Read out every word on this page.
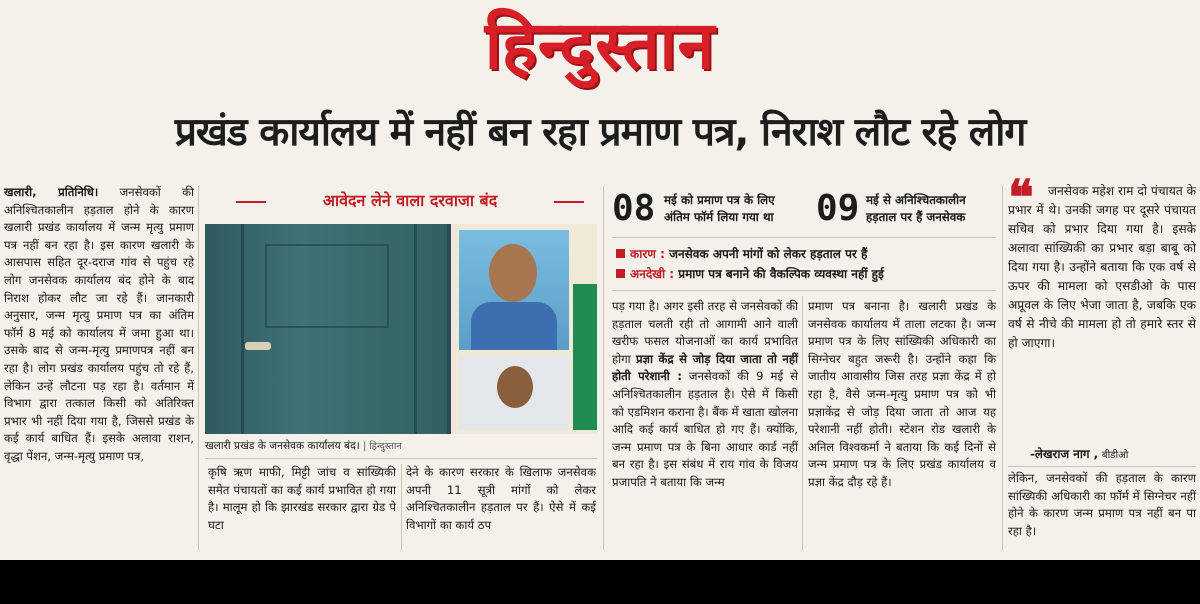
हिन्दुस्तान
प्रखंड कार्यालय में नहीं बन रहा प्रमाण पत्र, निराश लौट रहे लोग

खलारी, प्रतिनिधि। जनसेवकों की अनिश्चितकालीन हड़ताल होने के कारण खलारी प्रखंड कार्यालय में जन्म मृत्यु प्रमाण पत्र नहीं बन रहा है। इस कारण खलारी के आसपास सहित दूर-दराज गांव से पहुंच रहे लोग जनसेवक कार्यालय बंद होने के बाद निराश होकर लौट जा रहे हैं। जानकारी अनुसार, जन्म मृत्यु प्रमाण पत्र का अंतिम फॉर्म 8 मई को कार्यालय में जमा हुआ था। उसके बाद से जन्म-मृत्यु प्रमाणपत्र नहीं बन रहा है। लोग प्रखंड कार्यालय पहुंच तो रहे हैं, लेकिन उन्हें लौटना पड़ रहा है। वर्तमान में विभाग द्वारा तत्काल किसी को अतिरिक्त प्रभार भी नहीं दिया गया है, जिससे प्रखंड के कई कार्य बाधित हैं। इसके अलावा राशन, वृद्धा पेंशन, जन्म-मृत्यु प्रमाण पत्र,

आवेदन लेने वाला दरवाजा बंद
खलारी प्रखंड के जनसेवक कार्यालय बंद। | हिन्दुस्तान

कृषि ऋण माफी, मिट्टी जांच व सांख्यिकी समेत पंचायतों का कई कार्य प्रभावित हो गया है। मालूम हो कि झारखंड सरकार द्वारा ग्रेड पे घटा

देने के कारण सरकार के खिलाफ जनसेवक अपनी 11 सूत्री मांगों को लेकर अनिश्चितकालीन हड़ताल पर हैं। ऐसे में कई विभागों का कार्य ठप

08 मई को प्रमाण पत्र के लिए
अंतिम फॉर्म लिया गया था 09 मई से अनिश्चितकालीन
हड़ताल पर हैं जनसेवक
कारण : जनसेवक अपनी मांगों को लेकर हड़ताल पर हैं
अनदेखी : प्रमाण पत्र बनाने की वैकल्पिक व्यवस्था नहीं हुई

पड़ गया है। अगर इसी तरह से जनसेवकों की हड़ताल चलती रही तो आगामी आने वाली खरीफ फसल योजनाओं का कार्य प्रभावित होगा प्रज्ञा केंद्र से जोड़ दिया जाता तो नहीं होती परेशानी : जनसेवकों की 9 मई से अनिश्चितकालीन हड़ताल है। ऐसे में किसी को एडमिशन कराना है। बैंक में खाता खोलना आदि कई कार्य बाधित हो गए हैं। क्योंकि, जन्म प्रमाण पत्र के बिना आधार कार्ड नहीं बन रहा है। इस संबंध में राय गांव के विजय प्रजापति ने बताया कि जन्म

प्रमाण पत्र बनाना है। खलारी प्रखंड के जनसेवक कार्यालय में ताला लटका है। जन्म प्रमाण पत्र के लिए सांख्यिकी अधिकारी का सिग्नेचर बहुत जरूरी है। उन्होंने कहा कि जातीय आवासीय जिस तरह प्रज्ञा केंद्र में हो रहा है, वैसे जन्म-मृत्यु प्रमाण पत्र को भी प्रज्ञाकेंद्र से जोड़ दिया जाता तो आज यह परेशानी नहीं होती। स्टेशन रोड खलारी के अनिल विश्वकर्मा ने बताया कि कई दिनों से जन्म प्रमाण पत्र के लिए प्रखंड कार्यालय व प्रज्ञा केंद्र दौड़ रहे हैं।

❝	जनसेवक महेश राम दो पंचायत के प्रभार में थे। उनकी जगह पर दूसरे पंचायत सचिव को प्रभार दिया गया है। इसके अलावा सांख्यिकी का प्रभार बड़ा बाबू को दिया गया है। उन्होंने बताया कि एक वर्ष से ऊपर की मामला को एसडीओ के पास अप्रूवल के लिए भेजा जाता है, जबकि एक वर्ष से नीचे की मामला हो तो हमारे स्तर से हो जाएगा।

-लेखराज नाग , बीडीओ

लेकिन, जनसेवकों की हड़ताल के कारण सांख्यिकी अधिकारी का फॉर्म में सिग्नेचर नहीं होने के कारण जन्म प्रमाण पत्र नहीं बन पा रहा है।
